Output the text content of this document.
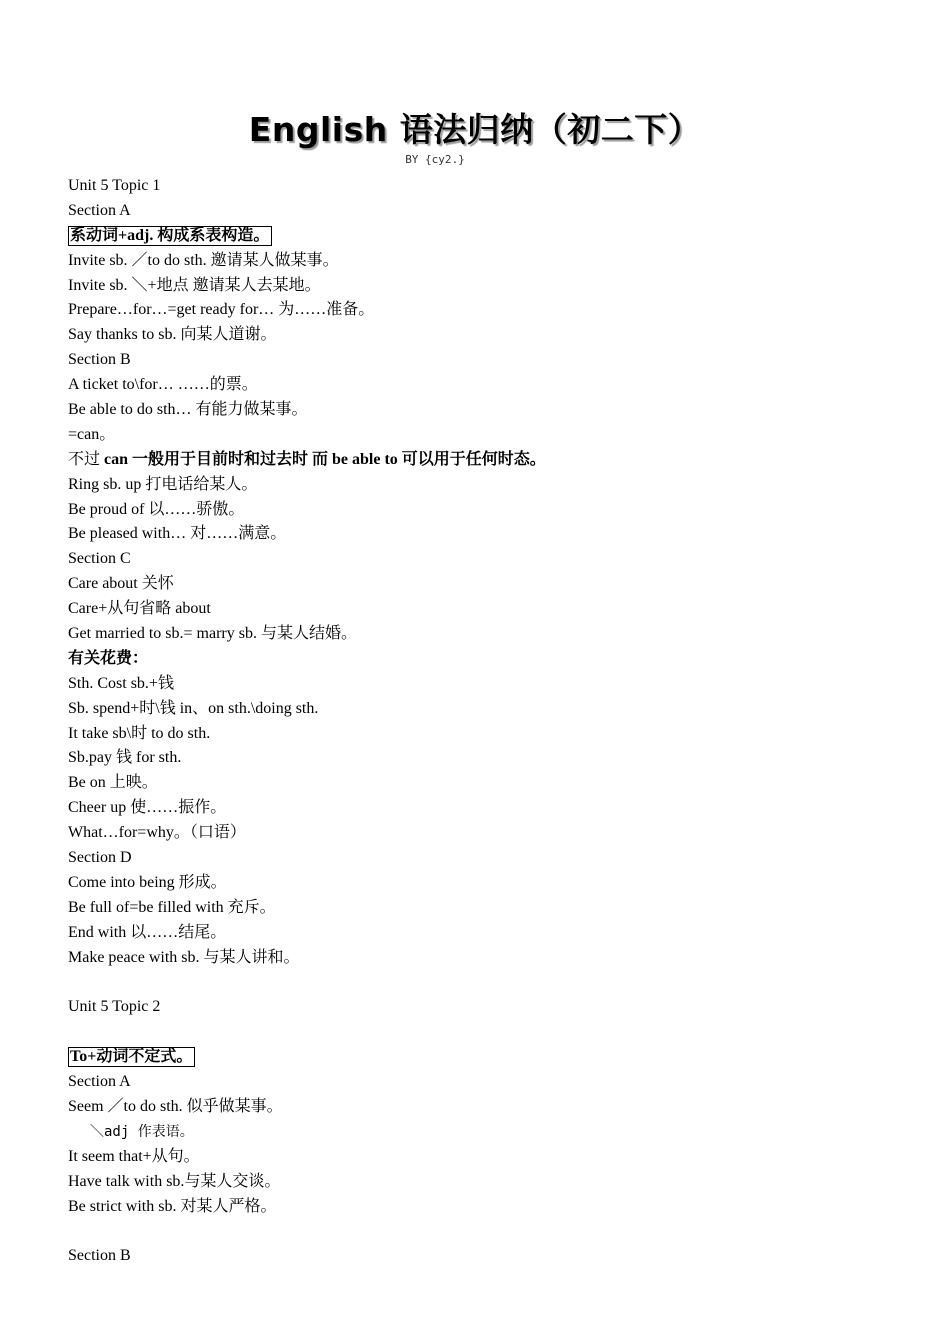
English 语法归纳（初二下）
BY {cy2.}
Unit 5 Topic 1
Section A
系动词+adj. 构成系表构造。
Invite sb. ／to do sth. 邀请某人做某事。
Invite sb. ＼+地点 邀请某人去某地。
Prepare…for…=get ready for… 为……准备。
Say thanks to sb. 向某人道谢。
Section B
A ticket to\for… ……的票。
Be able to do sth… 有能力做某事。
=can。
不过 can 一般用于目前时和过去时 而 be able to 可以用于任何时态。
Ring sb. up 打电话给某人。
Be proud of 以……骄傲。
Be pleased with… 对……满意。
Section C
Care about 关怀
Care+从句省略 about
Get married to sb.= marry sb. 与某人结婚。
有关花费：
Sth. Cost sb.+钱
Sb. spend+时\钱 in、on sth.\doing sth.
It take sb\时 to do sth.
Sb.pay 钱 for sth.
Be on 上映。
Cheer up 使……振作。
What…for=why。（口语）
Section D
Come into being 形成。
Be full of=be filled with 充斥。
End with 以……结尾。
Make peace with sb. 与某人讲和。
Unit 5 Topic 2
To+动词不定式。
Section A
Seem ／to do sth. 似乎做某事。
＼adj 作表语。
It seem that+从句。
Have talk with sb.与某人交谈。
Be strict with sb. 对某人严格。
Section B
